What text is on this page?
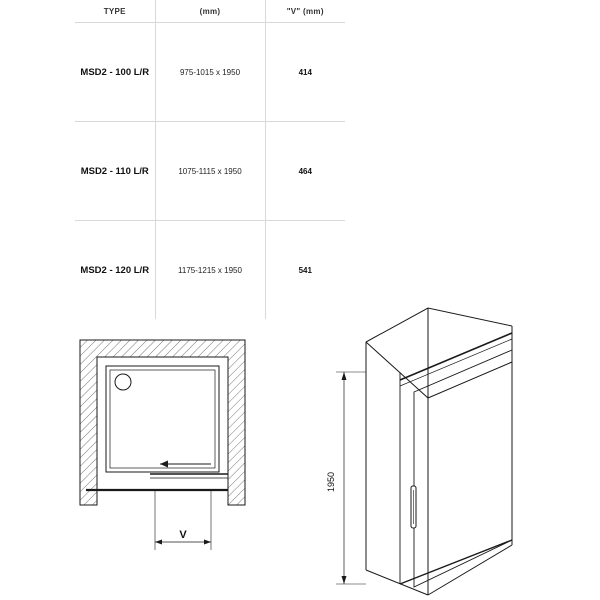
TYPE	(mm)	"V" (mm)
MSD2 - 100 L/R	975-1015 x 1950	414
MSD2 - 110 L/R	1075-1115 x 1950	464
MSD2 - 120 L/R	1175-1215 x 1950	541
V
1950
